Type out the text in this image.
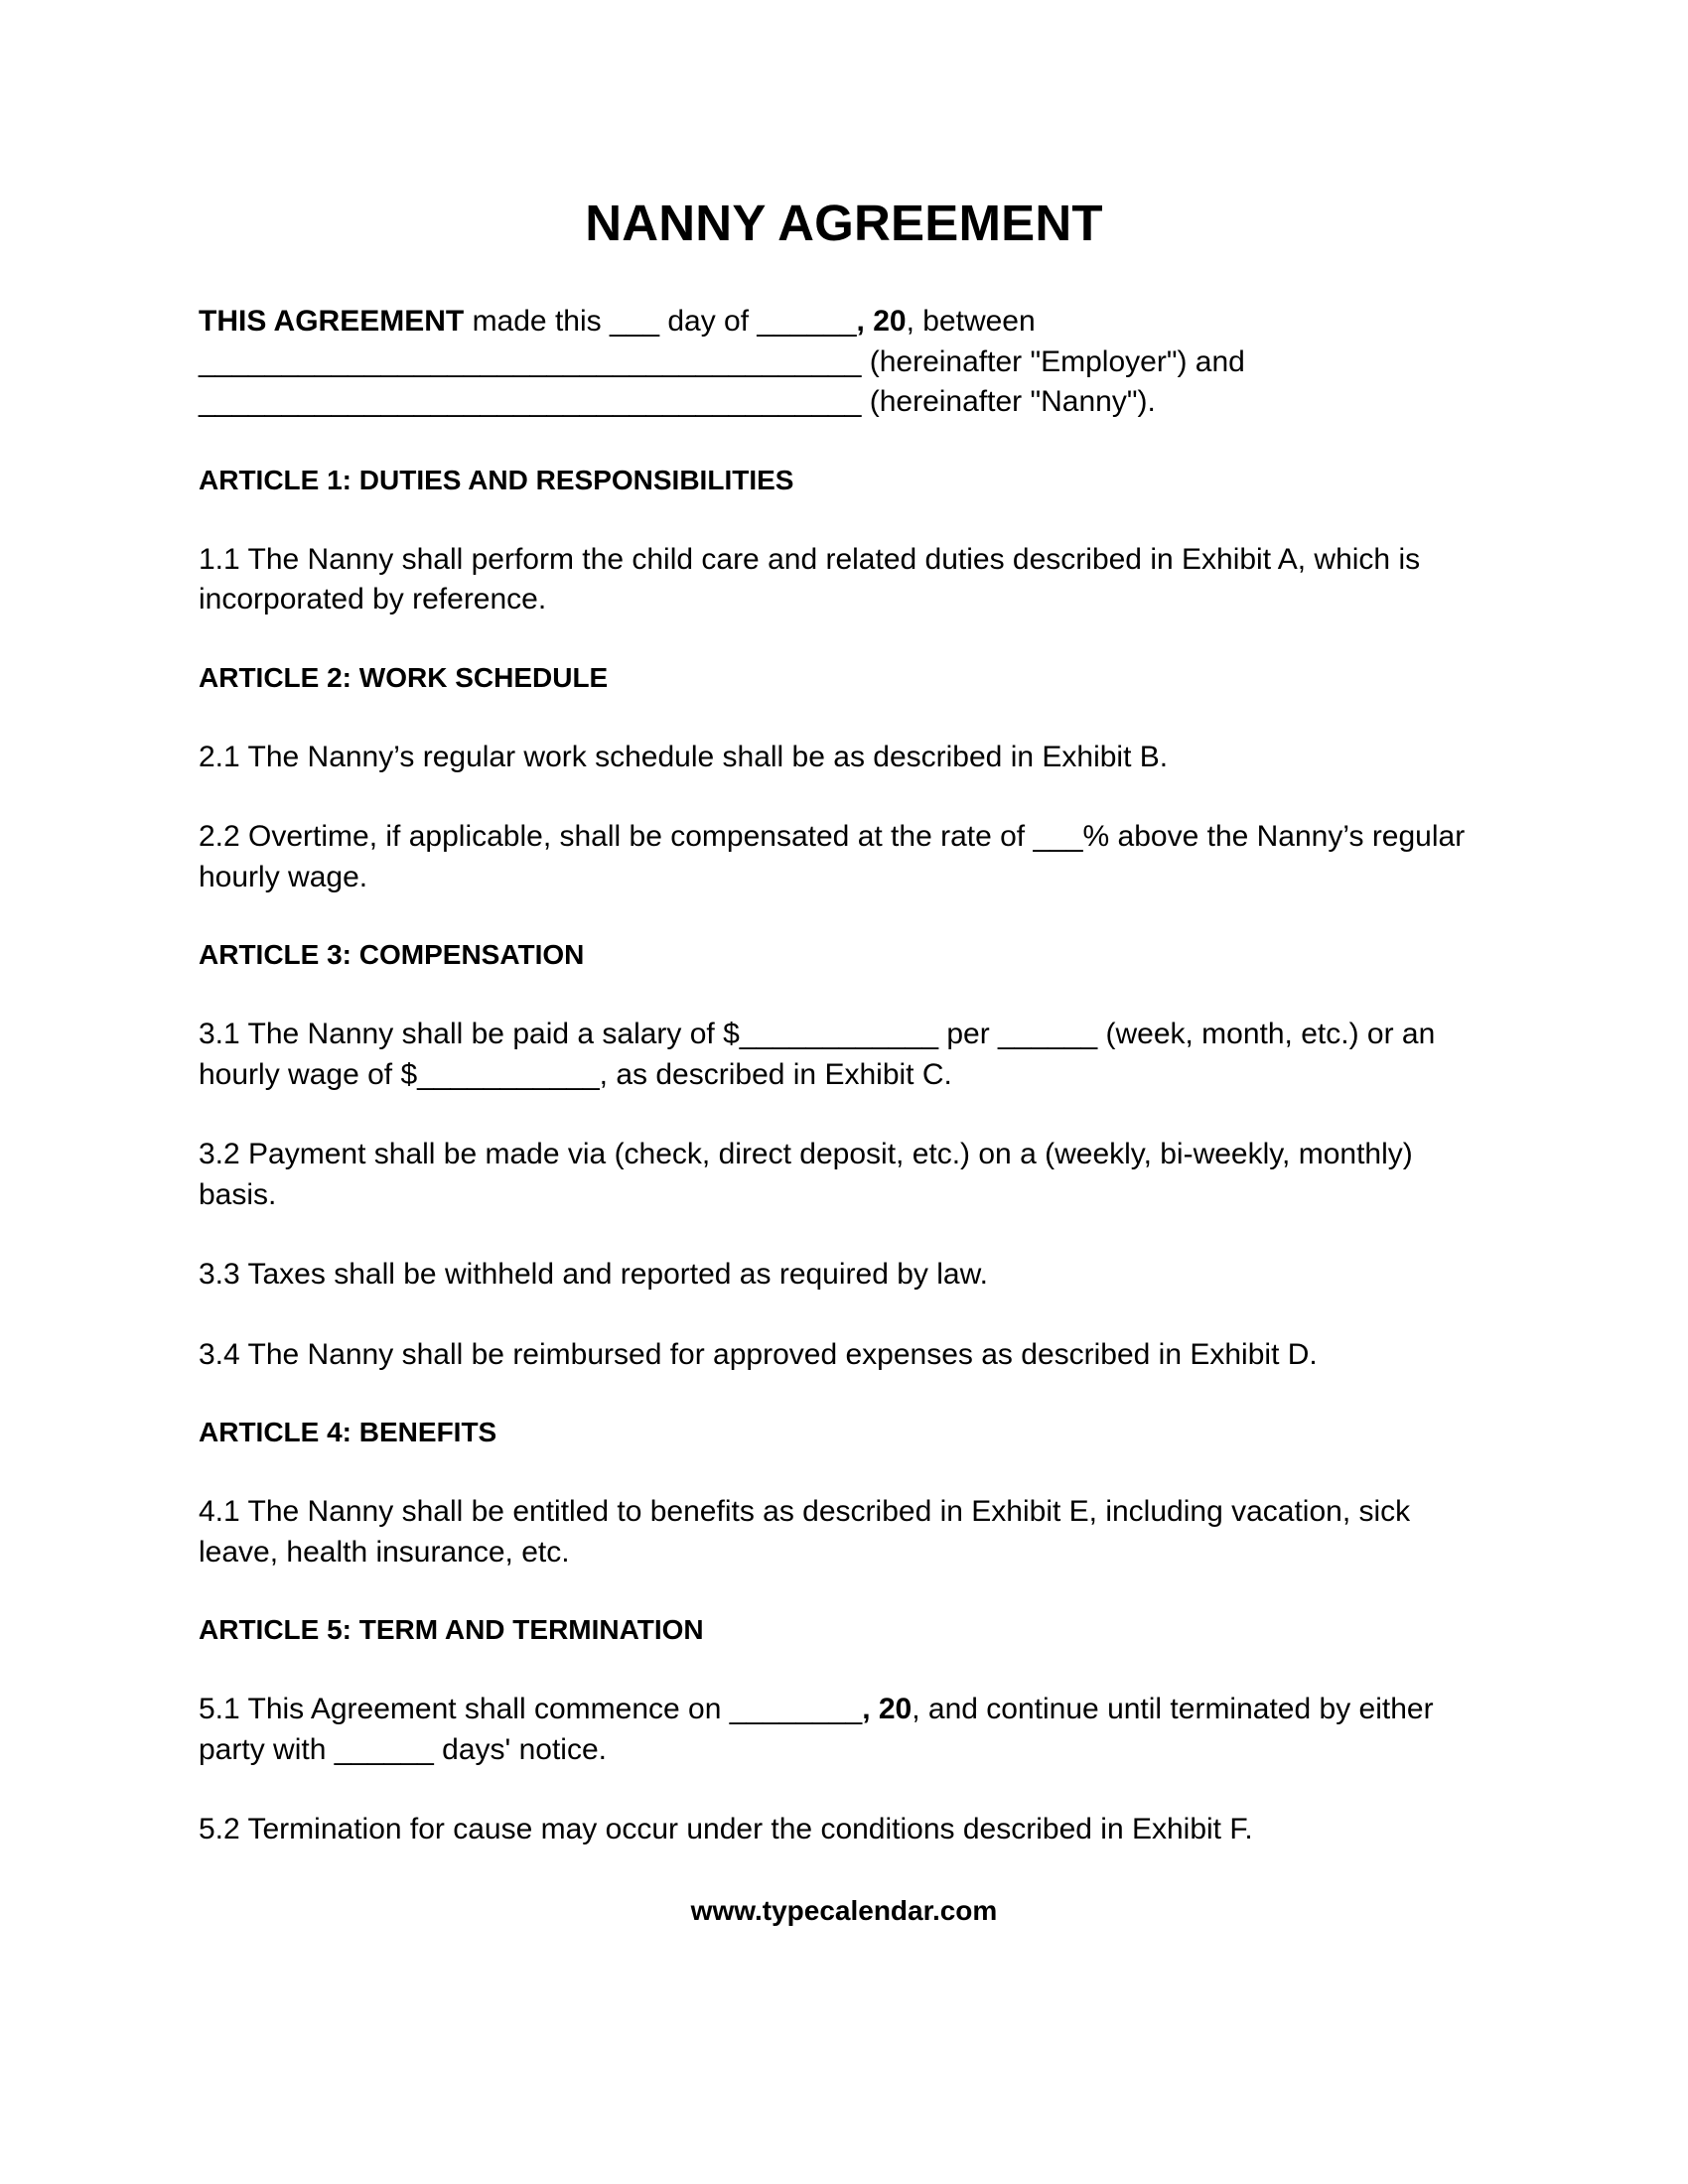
NANNY AGREEMENT
THIS AGREEMENT made this ___ day of ______, 20, between
________________________________________ (hereinafter "Employer") and
________________________________________ (hereinafter "Nanny").
ARTICLE 1: DUTIES AND RESPONSIBILITIES

1.1 The Nanny shall perform the child care and related duties described in Exhibit A, which is incorporated by reference.

ARTICLE 2: WORK SCHEDULE

2.1 The Nanny’s regular work schedule shall be as described in Exhibit B.

2.2 Overtime, if applicable, shall be compensated at the rate of ___% above the Nanny’s regular hourly wage.

ARTICLE 3: COMPENSATION

3.1 The Nanny shall be paid a salary of $____________ per ______ (week, month, etc.) or an hourly wage of $___________, as described in Exhibit C.

3.2 Payment shall be made via (check, direct deposit, etc.) on a (weekly, bi-weekly, monthly) basis.

3.3 Taxes shall be withheld and reported as required by law.

3.4 The Nanny shall be reimbursed for approved expenses as described in Exhibit D.

ARTICLE 4: BENEFITS

4.1 The Nanny shall be entitled to benefits as described in Exhibit E, including vacation, sick leave, health insurance, etc.

ARTICLE 5: TERM AND TERMINATION

5.1 This Agreement shall commence on ________, 20, and continue until terminated by either party with ______ days' notice.

5.2 Termination for cause may occur under the conditions described in Exhibit F.

www.typecalendar.com
